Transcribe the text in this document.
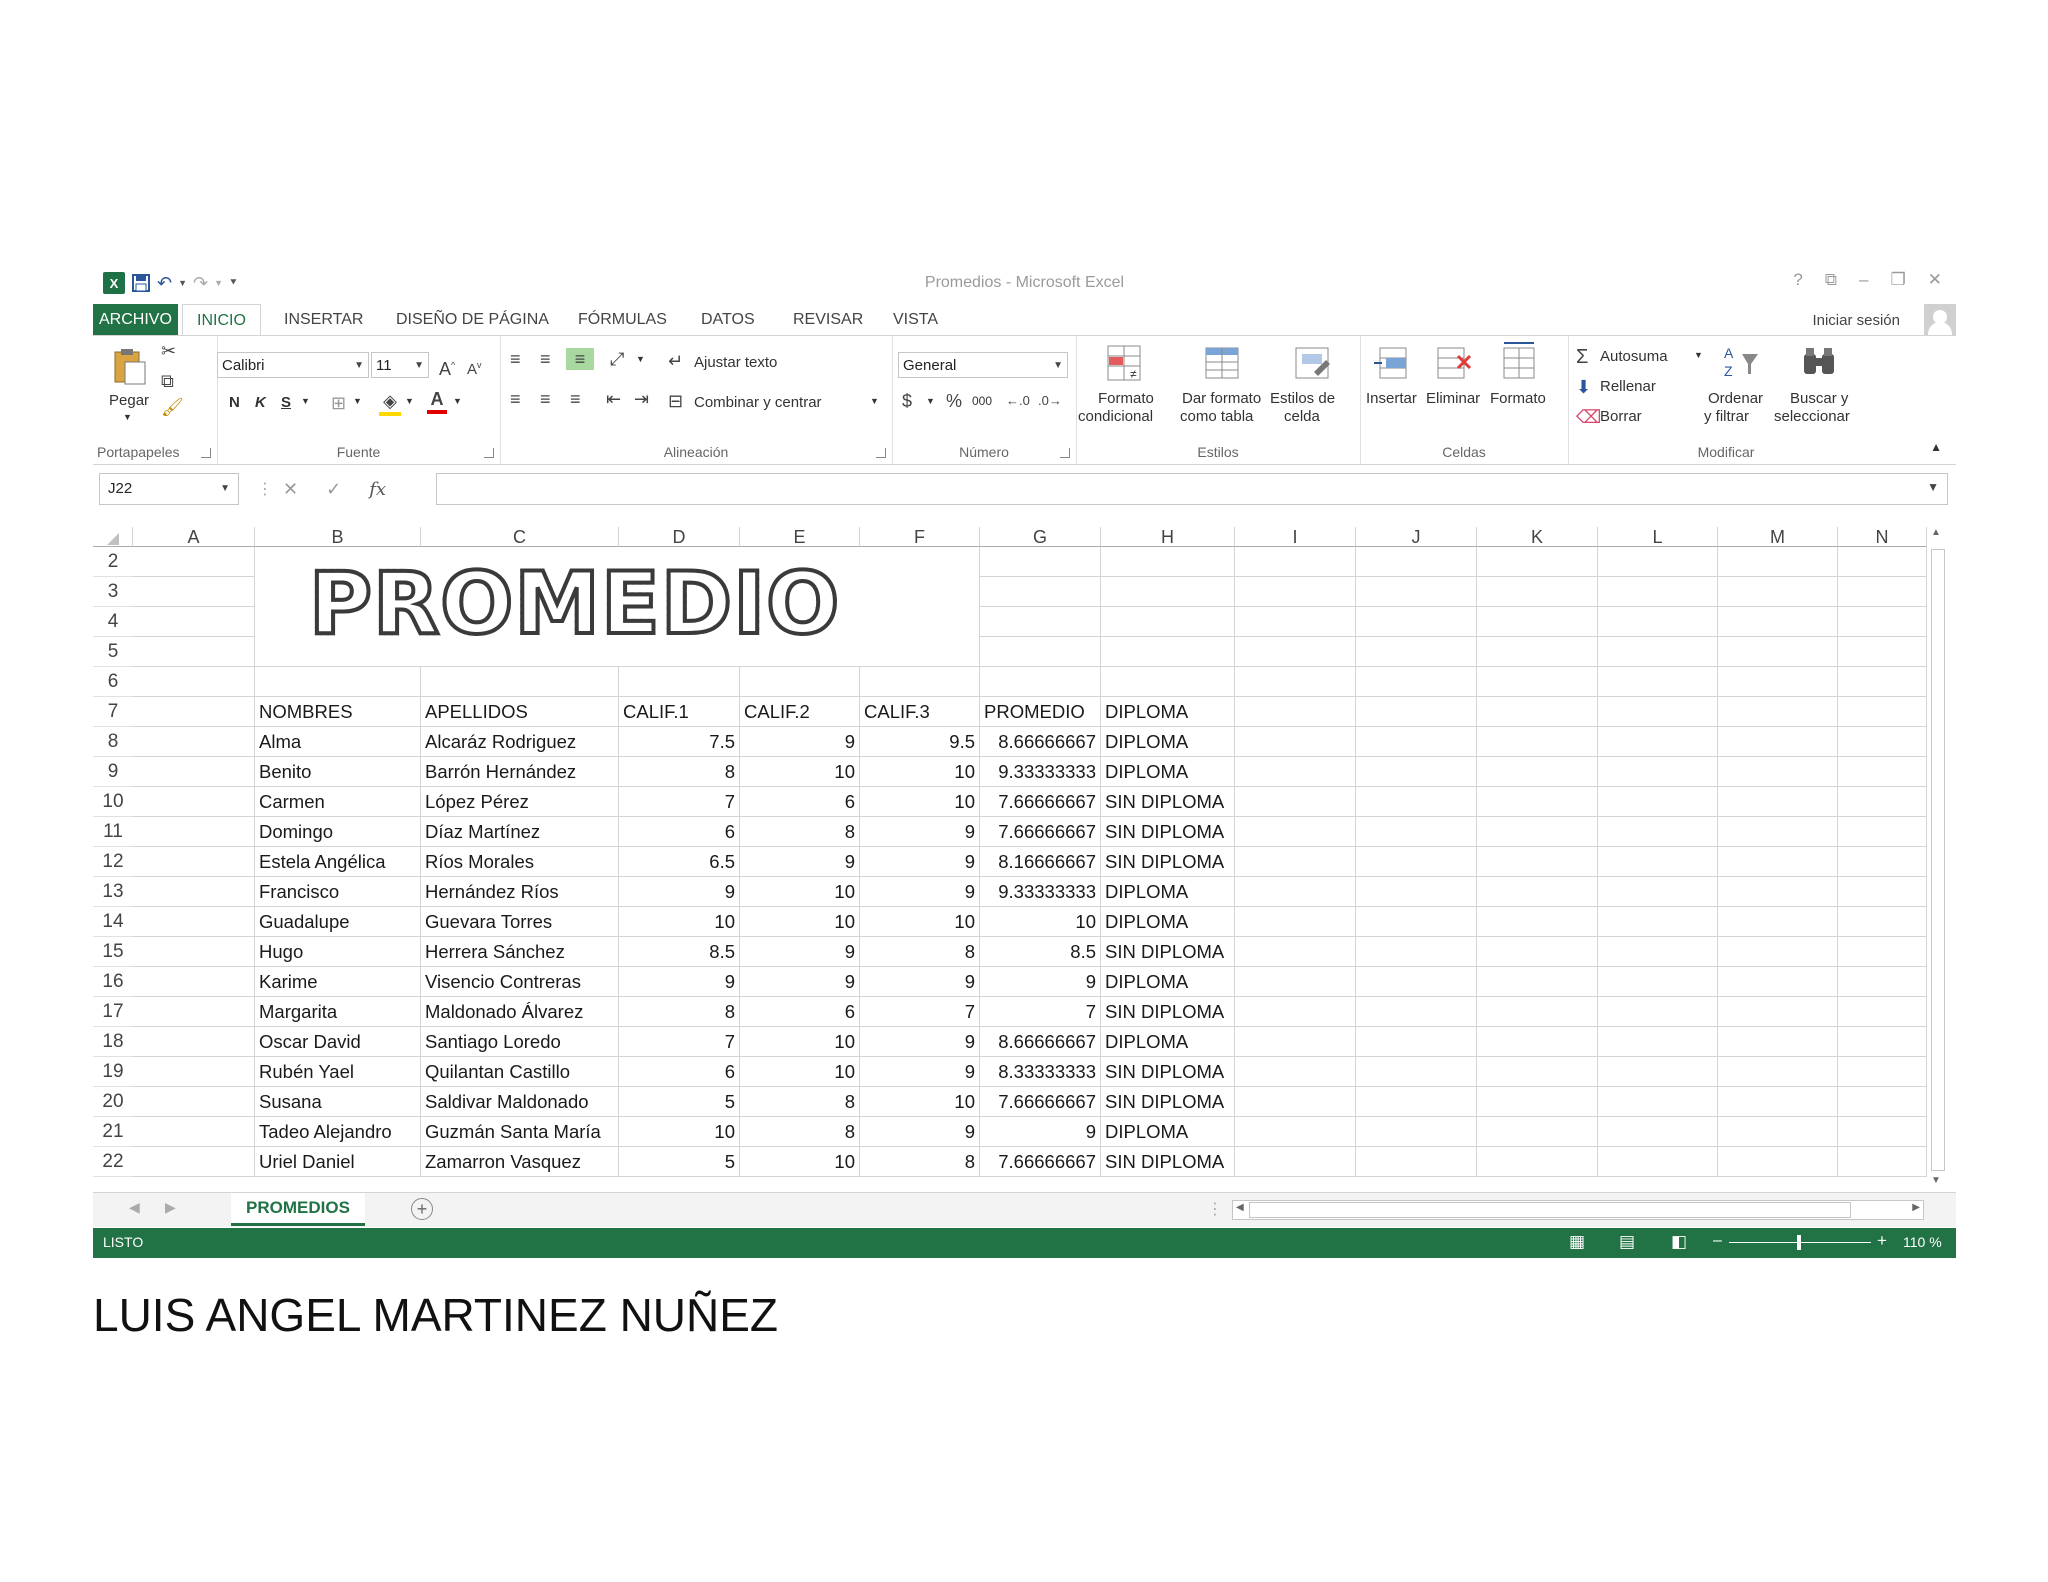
X	↶ ▼ ↷ ▼ ⯆	Promedios - Microsoft Excel	? ⧉ – ❐ ✕
ARCHIVO	INICIO	INSERTAR DISEÑO DE PÁGINA FÓRMULAS DATOS REVISAR VISTA	Iniciar sesión
Pegar
▼
✂
⧉
🖌
Portapapeles
Calibri	▼ 11 ▼ A^ $A^v$
N K S ▼ ⊞ ▼ ◈ ▼ A	▼
Fuente
≡ ≡	≡	⤢ ▼
≡ ≡ ≡ ⇤ ⇥
↵ Ajustar texto
⊟ Combinar y centrar	▼
Alineación
General	▼
$ ▼ % 000 ←.0 .0→
Número
≠
Formato
condicional
Dar formato
como tabla
Estilos de
celda
Estilos
Insertar Eliminar Formato
Celdas
Σ Autosuma	▼
⬇ Rellenar
⌫
Borrar
A
Z
Ordenar
y filtrar
Buscar y
seleccionar
Modificar	▲
J22	▼ ⋮ ✕ ✓ fx	▼
A	B	C	D	E	F	G	H	I	J	K	L	M	N
2
3
4
5
6
7	NOMBRES	APELLIDOS	CALIF.1	CALIF.2	CALIF.3	PROMEDIO	DIPLOMA
8	Alma	Alcaráz Rodriguez	7.5	9	9.5	8.66666667 DIPLOMA
9	Benito	Barrón Hernández	8	10	10	9.33333333 DIPLOMA
10	Carmen	López Pérez	7	6	10	7.66666667 SIN DIPLOMA
11	Domingo	Díaz Martínez	6	8	9	7.66666667 SIN DIPLOMA
12	Estela Angélica	Ríos Morales	6.5	9	9	8.16666667 SIN DIPLOMA
13	Francisco	Hernández Ríos	9	10	9	9.33333333 DIPLOMA
14	Guadalupe	Guevara Torres	10	10	10	10 DIPLOMA
15	Hugo	Herrera Sánchez	8.5	9	8	8.5 SIN DIPLOMA
16	Karime	Visencio Contreras	9	9	9	9 DIPLOMA
17	Margarita	Maldonado Álvarez	8	6	7	7 SIN DIPLOMA
18	Oscar David	Santiago Loredo	7	10	9	8.66666667 DIPLOMA
19	Rubén Yael	Quilantan Castillo	6	10	9	8.33333333 SIN DIPLOMA
20	Susana	Saldivar Maldonado	5	8	10	7.66666667 SIN DIPLOMA
21	Tadeo Alejandro	Guzmán Santa María	10	8	9	9 DIPLOMA
22	Uriel Daniel	Zamarron Vasquez	5	10	8	7.66666667 SIN DIPLOMA
PROMEDIO
▲
▼
◀ ▶	PROMEDIOS	+	⋮ ◀	▶
LISTO	▦ ▤ ◧ –	+ 110 %
LUIS ANGEL MARTINEZ NUÑEZ
